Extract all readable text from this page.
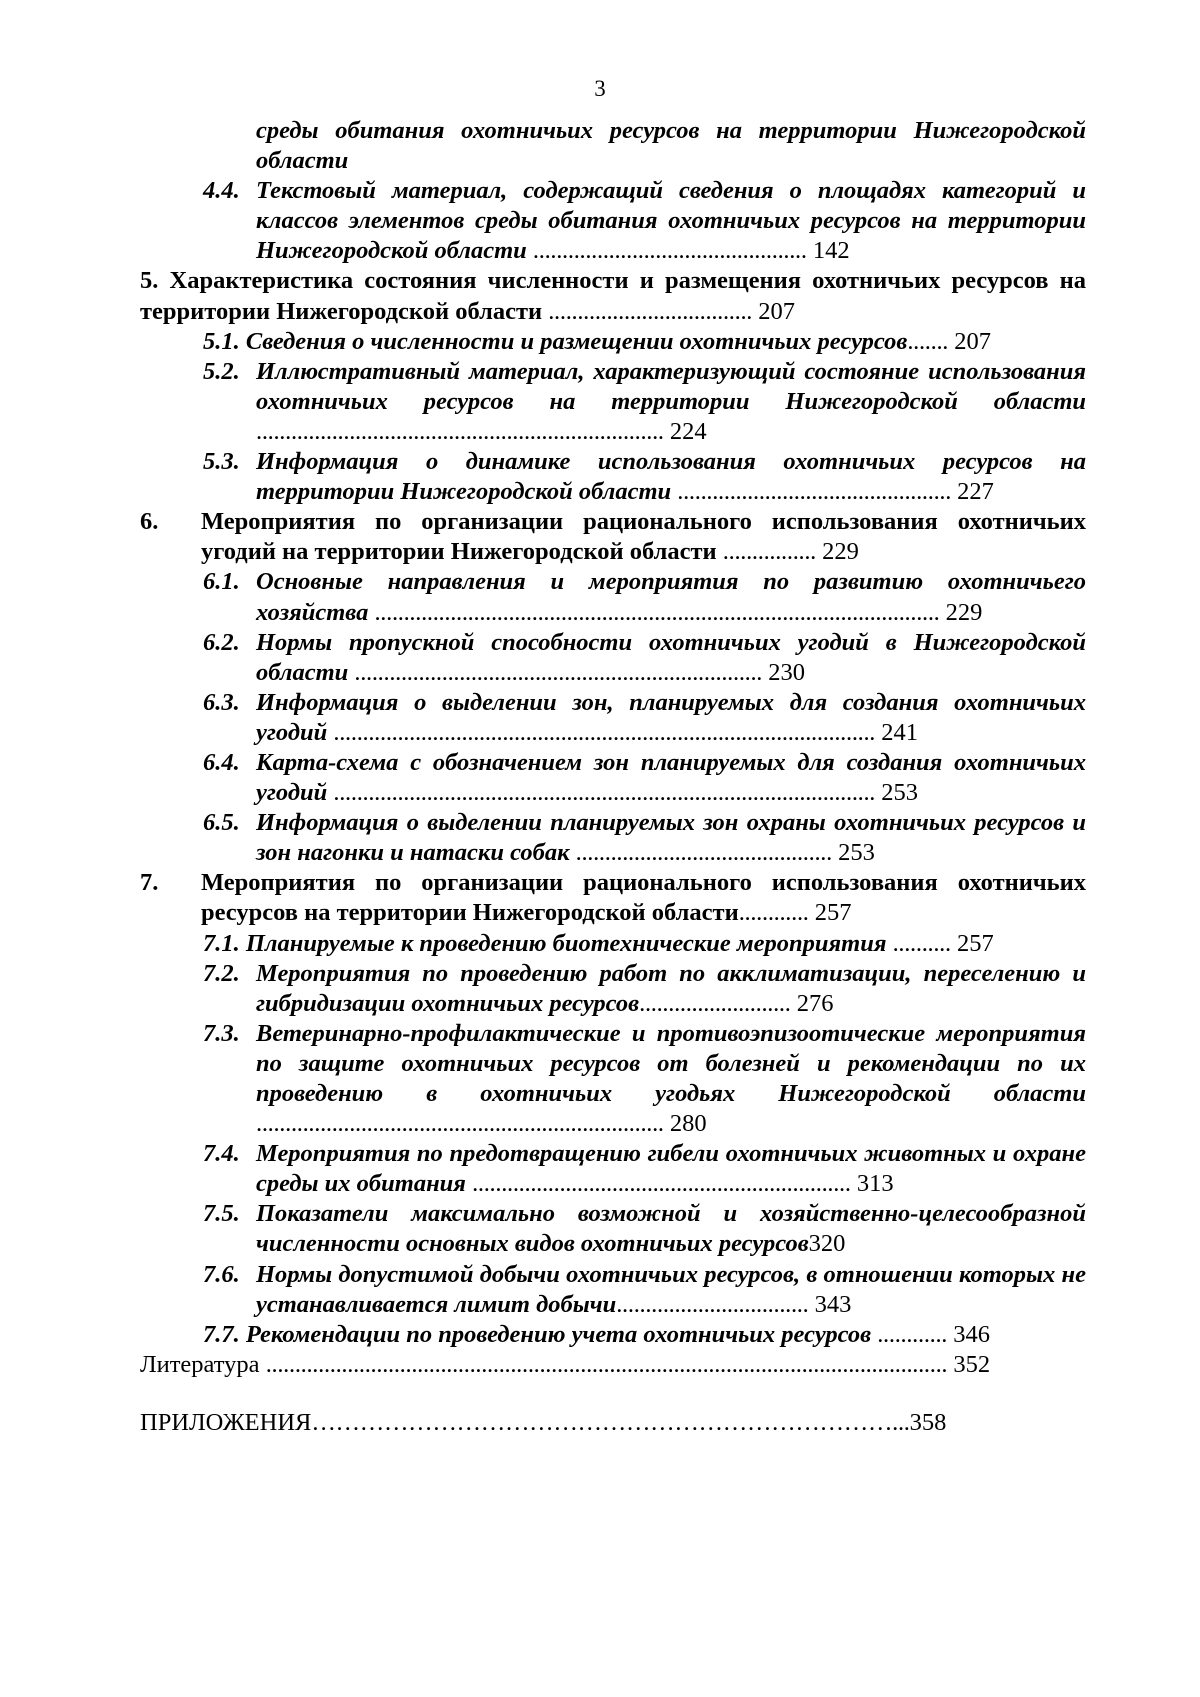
3
среды обитания охотничьих ресурсов на территории Нижегородской области
4.4. Текстовый материал, содержащий сведения о площадях категорий и классов элементов среды обитания охотничьих ресурсов на территории Нижегородской области ............................................... 142
5. Характеристика состояния численности и размещения охотничьих ресурсов на территории Нижегородской области ................................... 207
5.1. Сведения о численности и размещении охотничьих ресурсов....... 207
5.2. Иллюстративный материал, характеризующий состояние использования охотничьих ресурсов на территории Нижегородской области ...................................................................... 224
5.3. Информация о динамике использования охотничьих ресурсов на территории Нижегородской области ............................................... 227
6. Мероприятия по организации рационального использования охотничьих угодий на территории Нижегородской области ................ 229
6.1. Основные направления и мероприятия по развитию охотничьего хозяйства ................................................................................................. 229
6.2. Нормы пропускной способности охотничьих угодий в Нижегородской области ...................................................................... 230
6.3. Информация о выделении зон, планируемых для создания охотничьих угодий ............................................................................................. 241
6.4. Карта-схема с обозначением зон планируемых для создания охотничьих угодий ............................................................................................. 253
6.5. Информация о выделении планируемых зон охраны охотничьих ресурсов и зон нагонки и натаски собак ............................................ 253
7. Мероприятия по организации рационального использования охотничьих ресурсов на территории Нижегородской области............ 257
7.1. Планируемые к проведению биотехнические мероприятия .......... 257
7.2. Мероприятия по проведению работ по акклиматизации, переселению и гибридизации охотничьих ресурсов.......................... 276
7.3. Ветеринарно-профилактические и противоэпизоотические мероприятия по защите охотничьих ресурсов от болезней и рекомендации по их проведению в охотничьих угодьях Нижегородской области ...................................................................... 280
7.4. Мероприятия по предотвращению гибели охотничьих животных и охране среды их обитания ................................................................. 313
7.5. Показатели максимально возможной и хозяйственно-целесообразной численности основных видов охотничьих ресурсов320
7.6. Нормы допустимой добычи охотничьих ресурсов, в отношении которых не устанавливается лимит добычи................................. 343
7.7. Рекомендации по проведению учета охотничьих ресурсов ............ 346
Литература ..................................................................................................................... 352
ПРИЛОЖЕНИЯ………………………………………………………………...358
